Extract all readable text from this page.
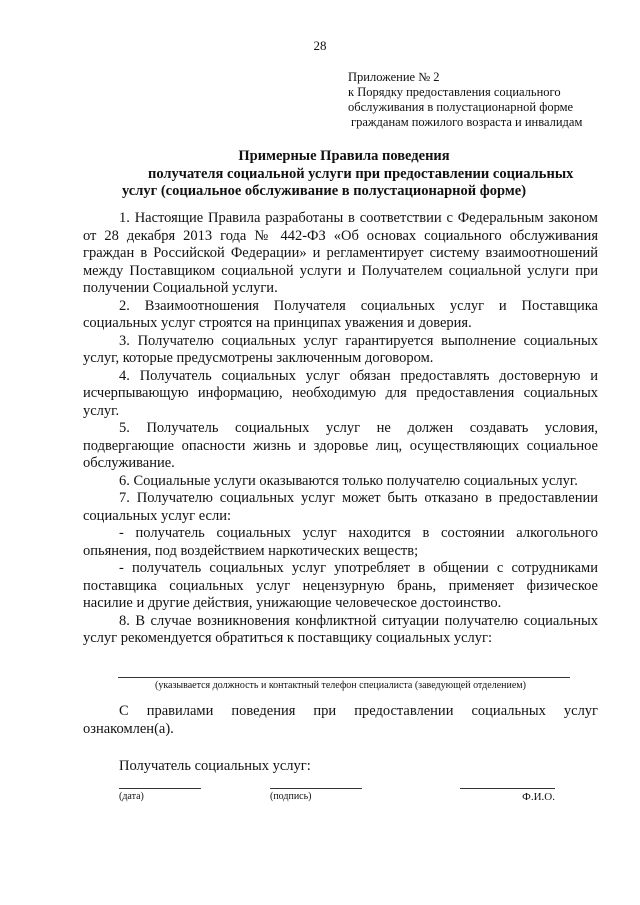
28
Приложение № 2
к Порядку предоставления социального
обслуживания в полустационарной форме
гражданам пожилого возраста и инвалидам
Примерные Правила поведения
получателя социальной услуги при предоставлении социальных
услуг (социальное обслуживание в полустационарной форме)

1. Настоящие Правила разработаны в соответствии с Федеральным законом от 28 декабря 2013 года № 442-ФЗ «Об основах социального обслуживания граждан в Российской Федерации» и регламентирует систему взаимоотношений между Поставщиком социальной услуги и Получателем социальной услуги при получении Социальной услуги.

2. Взаимоотношения Получателя социальных услуг и Поставщика социальных услуг строятся на принципах уважения и доверия.

3. Получателю социальных услуг гарантируется выполнение социальных услуг, которые предусмотрены заключенным договором.

4. Получатель социальных услуг обязан предоставлять достоверную и исчерпывающую информацию, необходимую для предоставления социальных услуг.

5. Получатель социальных услуг не должен создавать условия, подвергающие опасности жизнь и здоровье лиц, осуществляющих социальное обслуживание.

6. Социальные услуги оказываются только получателю социальных услуг.

7. Получателю социальных услуг может быть отказано в предоставлении социальных услуг если:

- получатель социальных услуг находится в состоянии алкогольного опьянения, под воздействием наркотических веществ;

- получатель социальных услуг употребляет в общении с сотрудниками поставщика социальных услуг нецензурную брань, применяет физическое насилие и другие действия, унижающие человеческое достоинство.

8. В случае возникновения конфликтной ситуации получателю социальных услуг рекомендуется обратиться к поставщику социальных услуг:

(указывается должность и контактный телефон специалиста (заведующей отделением)

С правилами поведения при предоставлении социальных услуг

ознакомлен(а).

Получатель социальных услуг:
(дата)	(подпись)	Ф.И.О.
